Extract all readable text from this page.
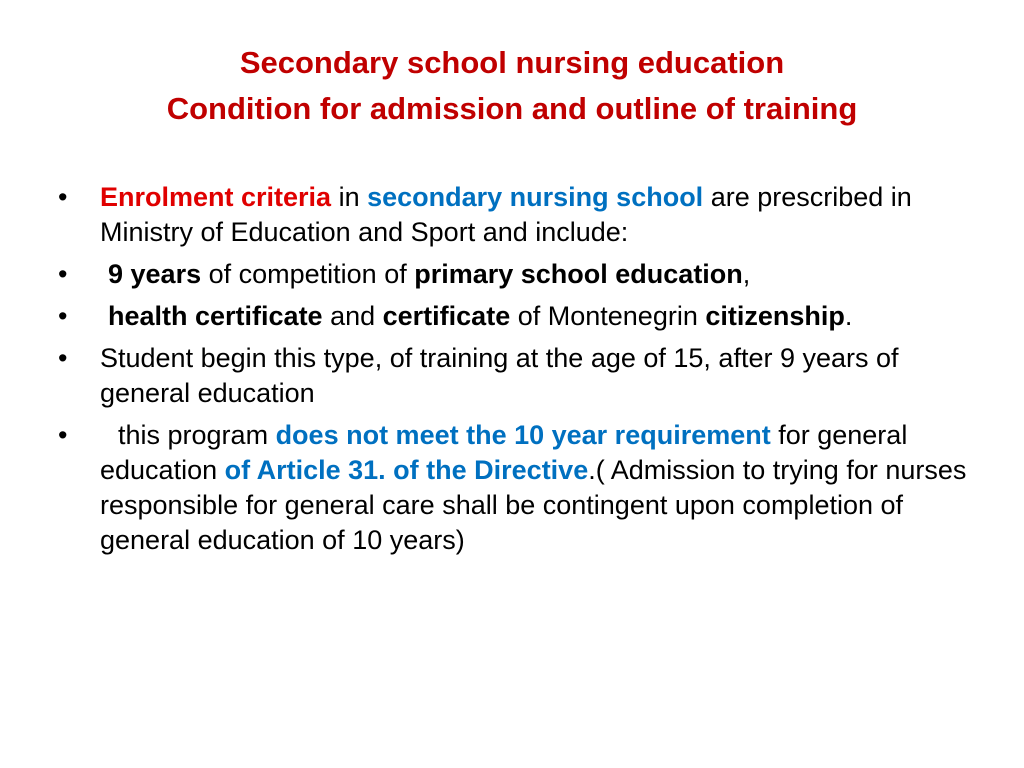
Secondary school nursing education
Condition for admission and outline of training
• Enrolment criteria in secondary nursing school are prescribed in Ministry of Education and Sport and include:
• 9 years of competition of primary school education,
• health certificate and certificate of Montenegrin citizenship.
• Student begin this type, of training at the age of 15, after 9 years of general education
• this program does not meet the 10 year requirement for general education of Article 31. of the Directive.( Admission to trying for nurses responsible for general care shall be contingent upon completion of general education of 10 years)
